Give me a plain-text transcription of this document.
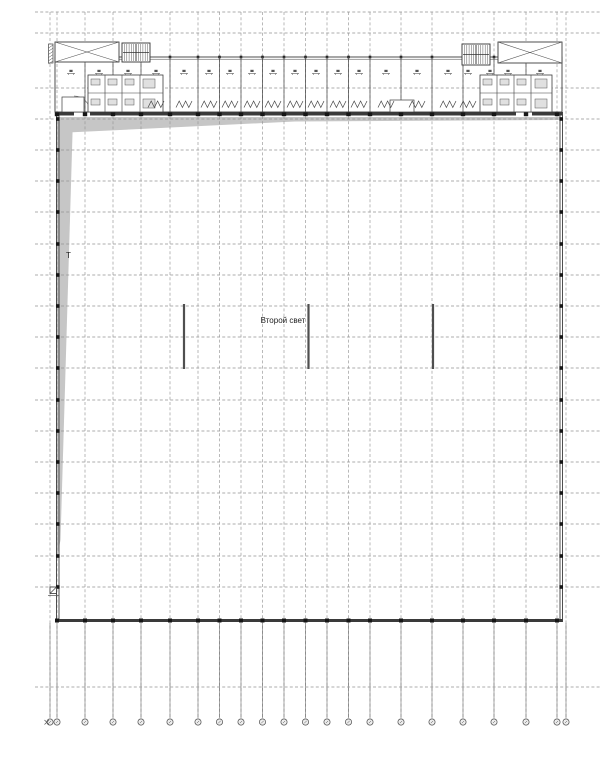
Второй свет
Т
